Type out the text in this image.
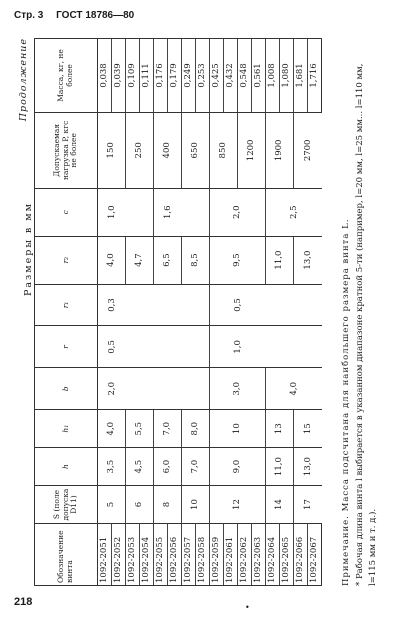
Стр. 3 ГОСТ 18786—80
Продолжение
Размеры в мм
Обозначение винта	S (поле допуска D11)	h	h₁	b	r	r₁	r₂	c	Допускаемая нагрузка P, кгс не более	Масса, кг, не более
1092-2051	5	3,5	4,0	2,0	0,5	0,3	4,0	1,0	150	0,038
1092-2052										0,039
1092-2053	6	4,5	5,5				4,7		250	0,109
1092-2054										0,111
1092-2055	8	6,0	7,0				6,5	1,6	400	0,176
1092-2056										0,179
1092-2057	10	7,0	8,0				8,5		650	0,249
1092-2058										0,253
1092-2059	12	9,0	10	3,0	1,0	0,5	9,5	2,0	850	0,425
1092-2061										0,432
1092-2062									1200	0,548
1092-2063										0,561
1092-2064	14	11,0	13	4,0			11,0	2,5	1900	1,008
1092-2065										1,080
1092-2066	17	13,0	15				13,0		2700	1,681
1092-2067										1,716

Примечание. Масса подсчитана для наибольшего размера винта L. * Рабочая длина винта l выбирается в указанном диапазоне кратной 5-ти (например, l=20 мм, l=25 мм... l=110 мм, l=115 мм и т. д.).

218	•
